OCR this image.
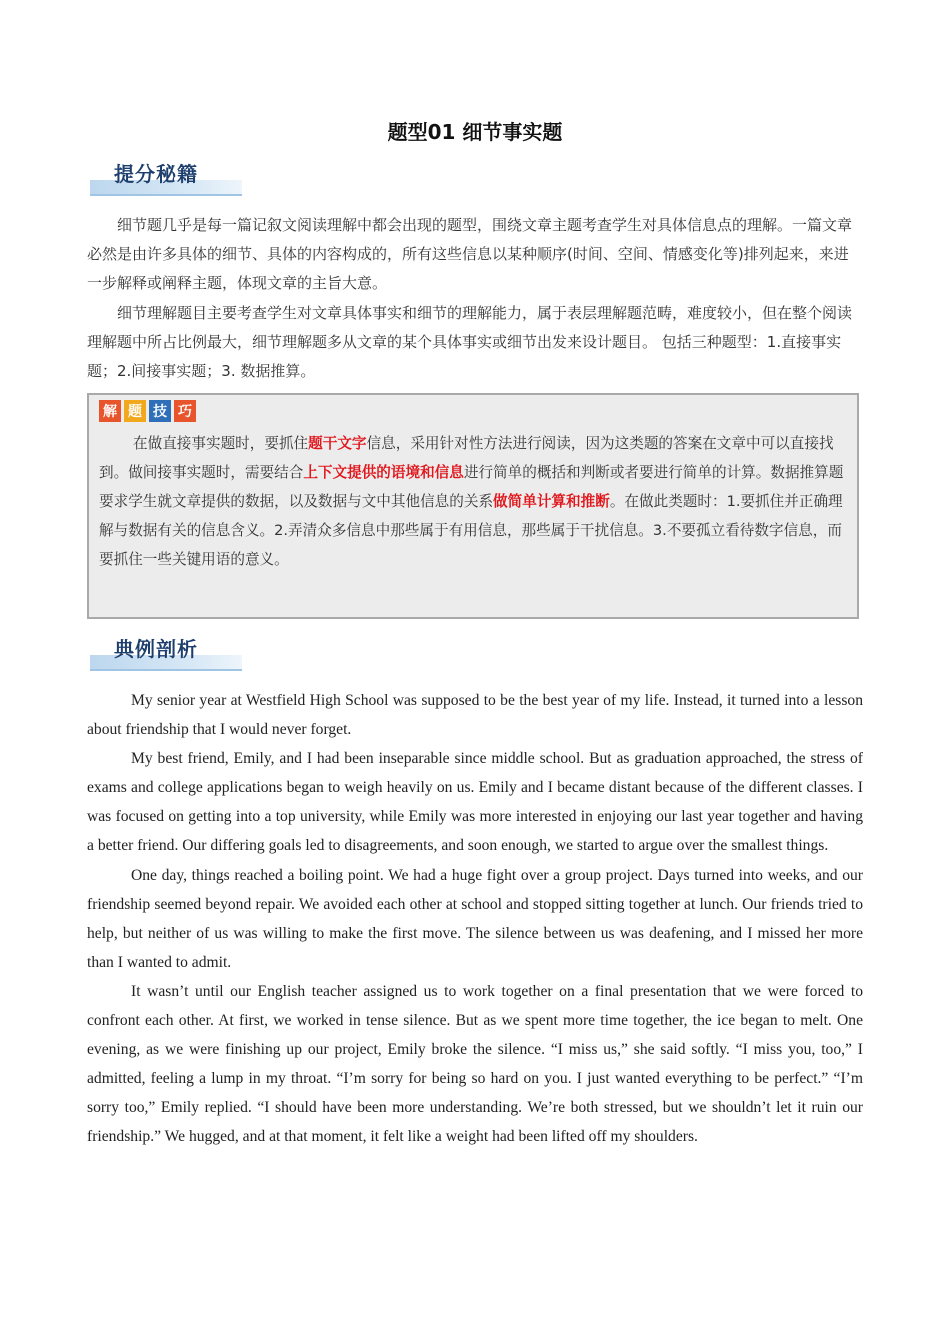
题型01 细节事实题
提分秘籍

细节题几乎是每一篇记叙文阅读理解中都会出现的题型，围绕文章主题考查学生对具体信息点的理解。一篇文章必然是由许多具体的细节、具体的内容构成的，所有这些信息以某种顺序(时间、空间、情感变化等)排列起来，来进一步解释或阐释主题，体现文章的主旨大意。

细节理解题目主要考查学生对文章具体事实和细节的理解能力，属于表层理解题范畴，难度较小，但在整个阅读理解题中所占比例最大，细节理解题多从文章的某个具体事实或细节出发来设计题目。 包括三种题型：1.直接事实题；2.间接事实题；3. 数据推算。

解 题 技 巧

在做直接事实题时，要抓住题干文字信息，采用针对性方法进行阅读，因为这类题的答案在文章中可以直接找到。做间接事实题时，需要结合上下文提供的语境和信息进行简单的概括和判断或者要进行简单的计算。数据推算题要求学生就文章提供的数据，以及数据与文中其他信息的关系做简单计算和推断。在做此类题时：1.要抓住并正确理解与数据有关的信息含义。2.弄清众多信息中那些属于有用信息，那些属于干扰信息。3.不要孤立看待数字信息，而要抓住一些关键用语的意义。

典例剖析

My senior year at Westfield High School was supposed to be the best year of my life. Instead, it turned into a lesson about friendship that I would never forget.

My best friend, Emily, and I had been inseparable since middle school. But as graduation approached, the stress of exams and college applications began to weigh heavily on us. Emily and I became distant because of the different classes. I was focused on getting into a top university, while Emily was more interested in enjoying our last year together and having a better friend. Our differing goals led to disagreements, and soon enough, we started to argue over the smallest things.

One day, things reached a boiling point. We had a huge fight over a group project. Days turned into weeks, and our friendship seemed beyond repair. We avoided each other at school and stopped sitting together at lunch. Our friends tried to help, but neither of us was willing to make the first move. The silence between us was deafening, and I missed her more than I wanted to admit.

It wasn’t until our English teacher assigned us to work together on a final presentation that we were forced to confront each other. At first, we worked in tense silence. But as we spent more time together, the ice began to melt. One evening, as we were finishing up our project, Emily broke the silence. “I miss us,” she said softly. “I miss you, too,” I admitted, feeling a lump in my throat. “I’m sorry for being so hard on you. I just wanted everything to be perfect.” “I’m sorry too,” Emily replied. “I should have been more understanding. We’re both stressed, but we shouldn’t let it ruin our friendship.” We hugged, and at that moment, it felt like a weight had been lifted off my shoulders.
